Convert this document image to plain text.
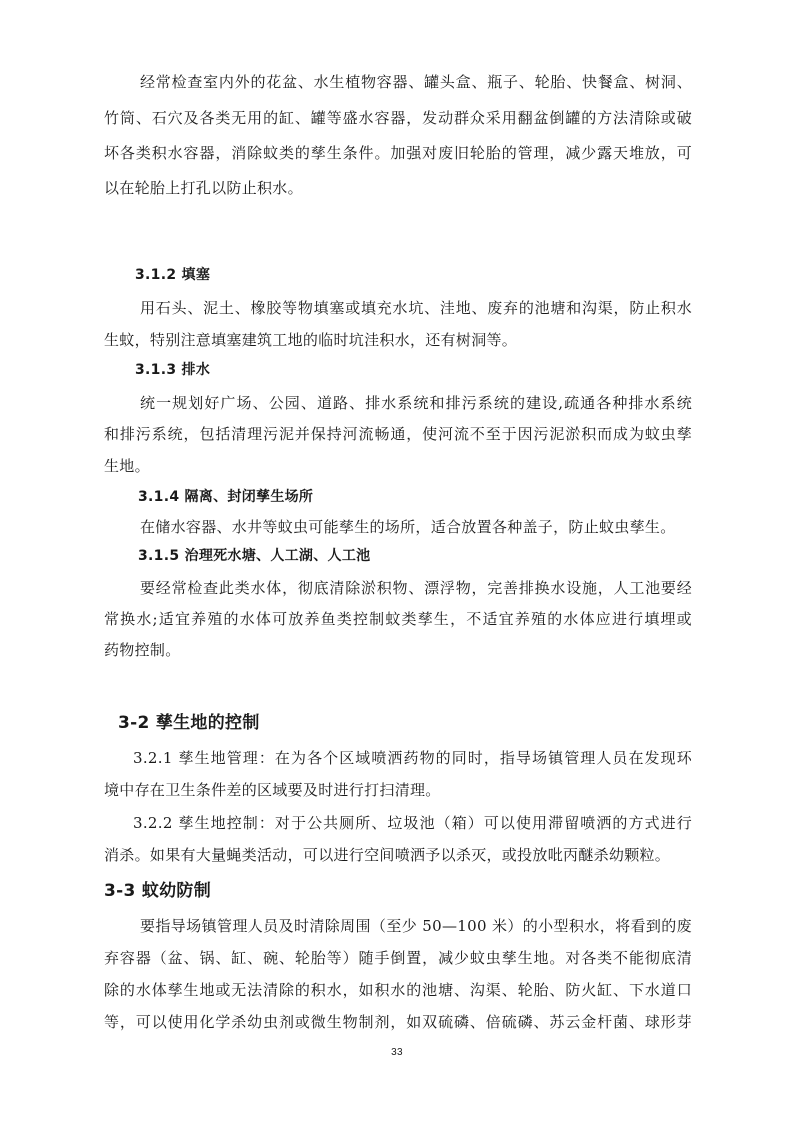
经常检查室内外的花盆、水生植物容器、罐头盒、瓶子、轮胎、快餐盒、树洞、

竹筒、石穴及各类无用的缸、罐等盛水容器，发动群众采用翻盆倒罐的方法清除或破

坏各类积水容器，消除蚊类的孳生条件。加强对废旧轮胎的管理，减少露天堆放，可

以在轮胎上打孔以防止积水。

3.1.2 填塞

用石头、泥土、橡胶等物填塞或填充水坑、洼地、废弃的池塘和沟渠，防止积水

生蚊，特别注意填塞建筑工地的临时坑洼积水，还有树洞等。

3.1.3 排水

统一规划好广场、公园、道路、排水系统和排污系统的建设,疏通各种排水系统

和排污系统，包括清理污泥并保持河流畅通，使河流不至于因污泥淤积而成为蚊虫孳

生地。

3.1.4 隔离、封闭孳生场所

在储水容器、水井等蚊虫可能孳生的场所，适合放置各种盖子，防止蚊虫孳生。

3.1.5 治理死水塘、人工湖、人工池

要经常检查此类水体，彻底清除淤积物、漂浮物，完善排换水设施，人工池要经

常换水;适宜养殖的水体可放养鱼类控制蚊类孳生，不适宜养殖的水体应进行填埋或

药物控制。

3-2 孳生地的控制

3.2.1 孳生地管理：在为各个区域喷洒药物的同时，指导场镇管理人员在发现环

境中存在卫生条件差的区域要及时进行打扫清理。

3.2.2 孳生地控制：对于公共厕所、垃圾池（箱）可以使用滞留喷洒的方式进行

消杀。如果有大量蝇类活动，可以进行空间喷洒予以杀灭，或投放吡丙醚杀幼颗粒。

3-3 蚊幼防制

要指导场镇管理人员及时清除周围（至少 50—100 米）的小型积水，将看到的废

弃容器（盆、锅、缸、碗、轮胎等）随手倒置，减少蚊虫孳生地。对各类不能彻底清

除的水体孳生地或无法清除的积水，如积水的池塘、沟渠、轮胎、防火缸、下水道口

等，可以使用化学杀幼虫剂或微生物制剂，如双硫磷、倍硫磷、苏云金杆菌、球形芽

33
